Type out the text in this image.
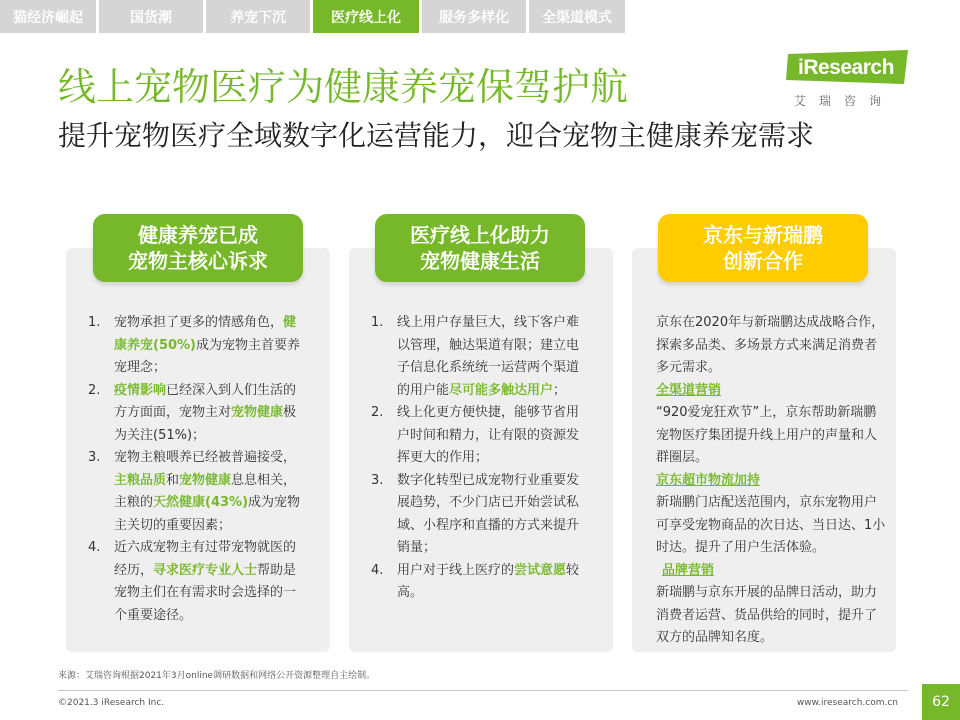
猫经济崛起	国货潮	养宠下沉	医疗线上化	服务多样化	全渠道模式
iResearch
艾瑞咨询
线上宠物医疗为健康养宠保驾护航
提升宠物医疗全域数字化运营能力，迎合宠物主健康养宠需求
健康养宠已成
宠物主核心诉求
医疗线上化助力
宠物健康生活
京东与新瑞鹏
创新合作
1. 宠物承担了更多的情感角色，健康养宠(50%)成为宠物主首要养宠理念；
2. 疫情影响已经深入到人们生活的方方面面，宠物主对宠物健康极为关注(51%)；
3. 宠物主粮喂养已经被普遍接受，主粮品质和宠物健康息息相关，主粮的天然健康(43%)成为宠物主关切的重要因素；
4. 近六成宠物主有过带宠物就医的经历，寻求医疗专业人士帮助是宠物主们在有需求时会选择的一个重要途径。
1. 线上用户存量巨大，线下客户难以管理，触达渠道有限；建立电子信息化系统统一运营两个渠道的用户能尽可能多触达用户；
2. 线上化更方便快捷，能够节省用户时间和精力，让有限的资源发挥更大的作用；
3. 数字化转型已成宠物行业重要发展趋势，不少门店已开始尝试私域、小程序和直播的方式来提升销量；
4. 用户对于线上医疗的尝试意愿较高。
京东在2020年与新瑞鹏达成战略合作，探索多品类、多场景方式来满足消费者多元需求。
全渠道营销
“920爱宠狂欢节”上，京东帮助新瑞鹏宠物医疗集团提升线上用户的声量和人群圈层。
京东超市物流加持
新瑞鹏门店配送范围内，京东宠物用户可享受宠物商品的次日达、当日达、1小时达。提升了用户生活体验。
品牌营销
新瑞鹏与京东开展的品牌日活动，助力消费者运营、货品供给的同时，提升了双方的品牌知名度。
来源：艾瑞咨询根据2021年3月online调研数据和网络公开资源整理自主绘制。
©2021.3 iResearch Inc.	www.iresearch.com.cn	62
